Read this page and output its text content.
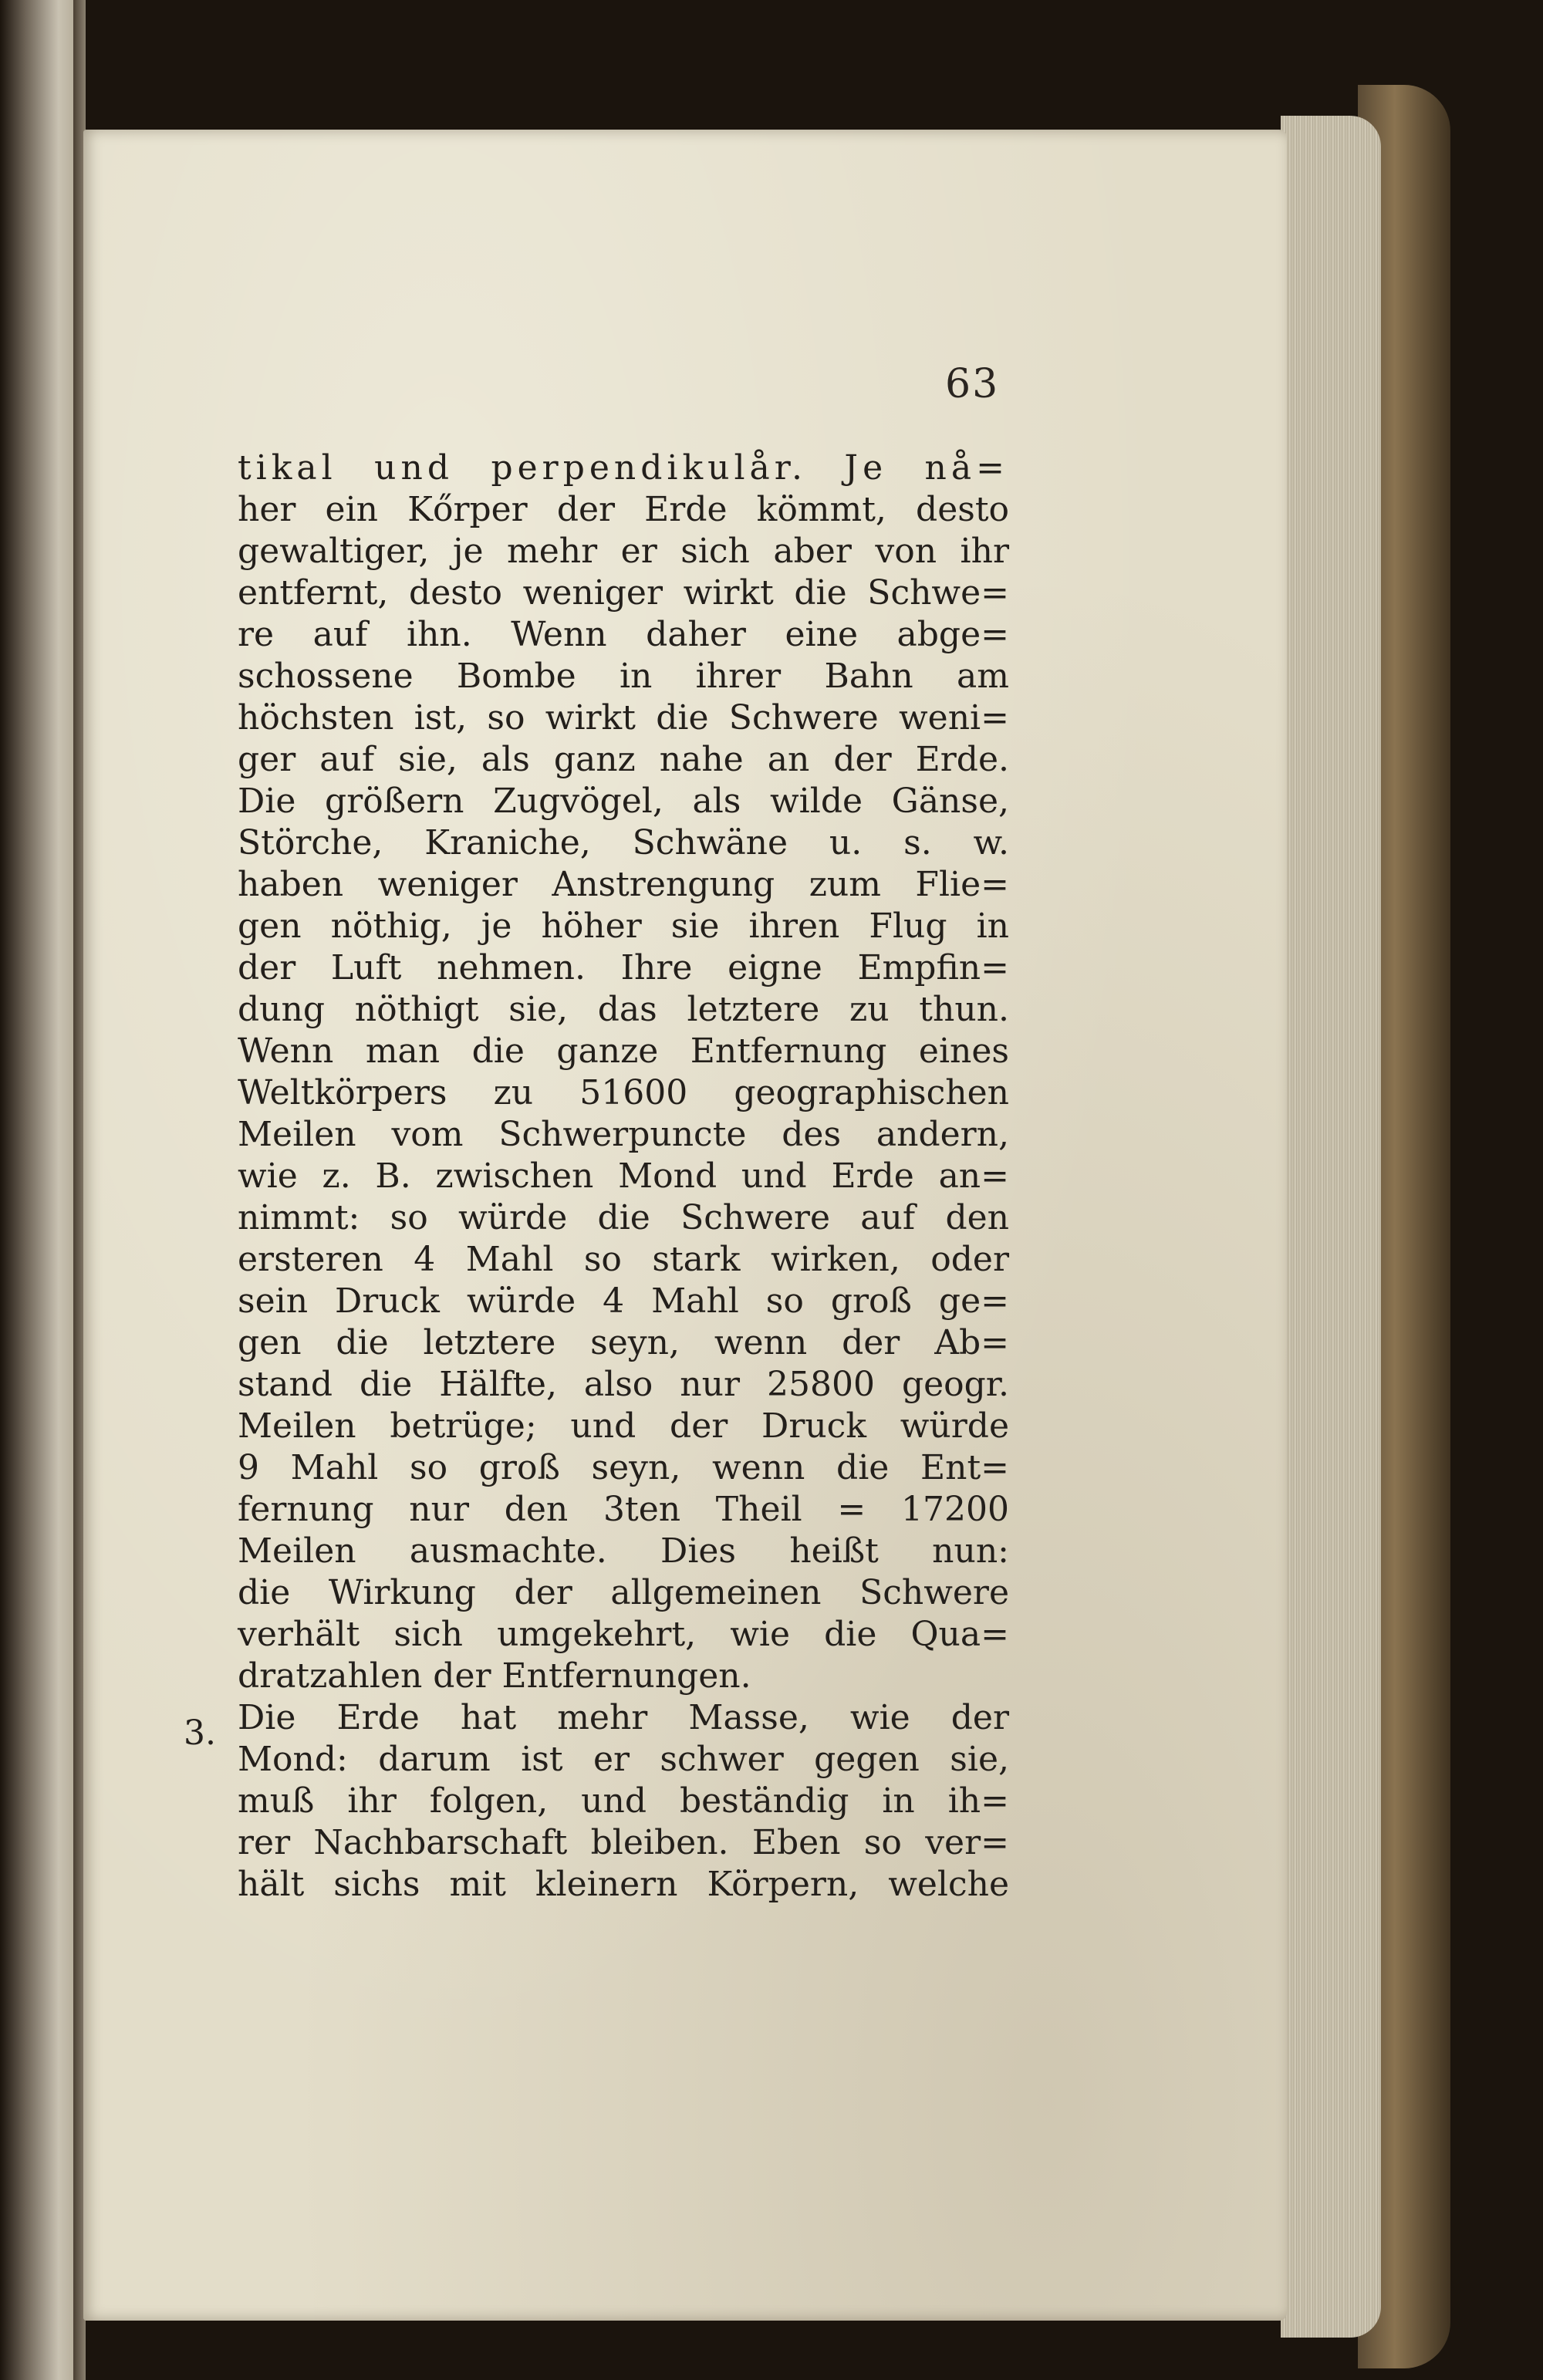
63
tikal und perpendikulår. Je nå=
her ein Kőrper der Erde kömmt, desto
gewaltiger, je mehr er sich aber von ihr
entfernt, desto weniger wirkt die Schwe=
re auf ihn. Wenn daher eine abge=
schossene Bombe in ihrer Bahn am
höchsten ist, so wirkt die Schwere weni=
ger auf sie, als ganz nahe an der Erde.
Die größern Zugvögel, als wilde Gänse,
Störche, Kraniche, Schwäne u. s. w.
haben weniger Anstrengung zum Flie=
gen nöthig, je höher sie ihren Flug in
der Luft nehmen. Ihre eigne Empfin=
dung nöthigt sie, das letztere zu thun.
Wenn man die ganze Entfernung eines
Weltkörpers zu 51600 geographischen
Meilen vom Schwerpuncte des andern,
wie z. B. zwischen Mond und Erde an=
nimmt: so würde die Schwere auf den
ersteren 4 Mahl so stark wirken, oder
sein Druck würde 4 Mahl so groß ge=
gen die letztere seyn, wenn der Ab=
stand die Hälfte, also nur 25800 geogr.
Meilen betrüge; und der Druck würde
9 Mahl so groß seyn, wenn die Ent=
fernung nur den 3ten Theil = 17200
Meilen ausmachte. Dies heißt nun:
die Wirkung der allgemeinen Schwere
verhält sich umgekehrt, wie die Qua=
dratzahlen der Entfernungen.
Die Erde hat mehr Masse, wie der
Mond: darum ist er schwer gegen sie,
muß ihr folgen, und beständig in ih=
rer Nachbarschaft bleiben. Eben so ver=
hält sichs mit kleinern Körpern, welche
3.
